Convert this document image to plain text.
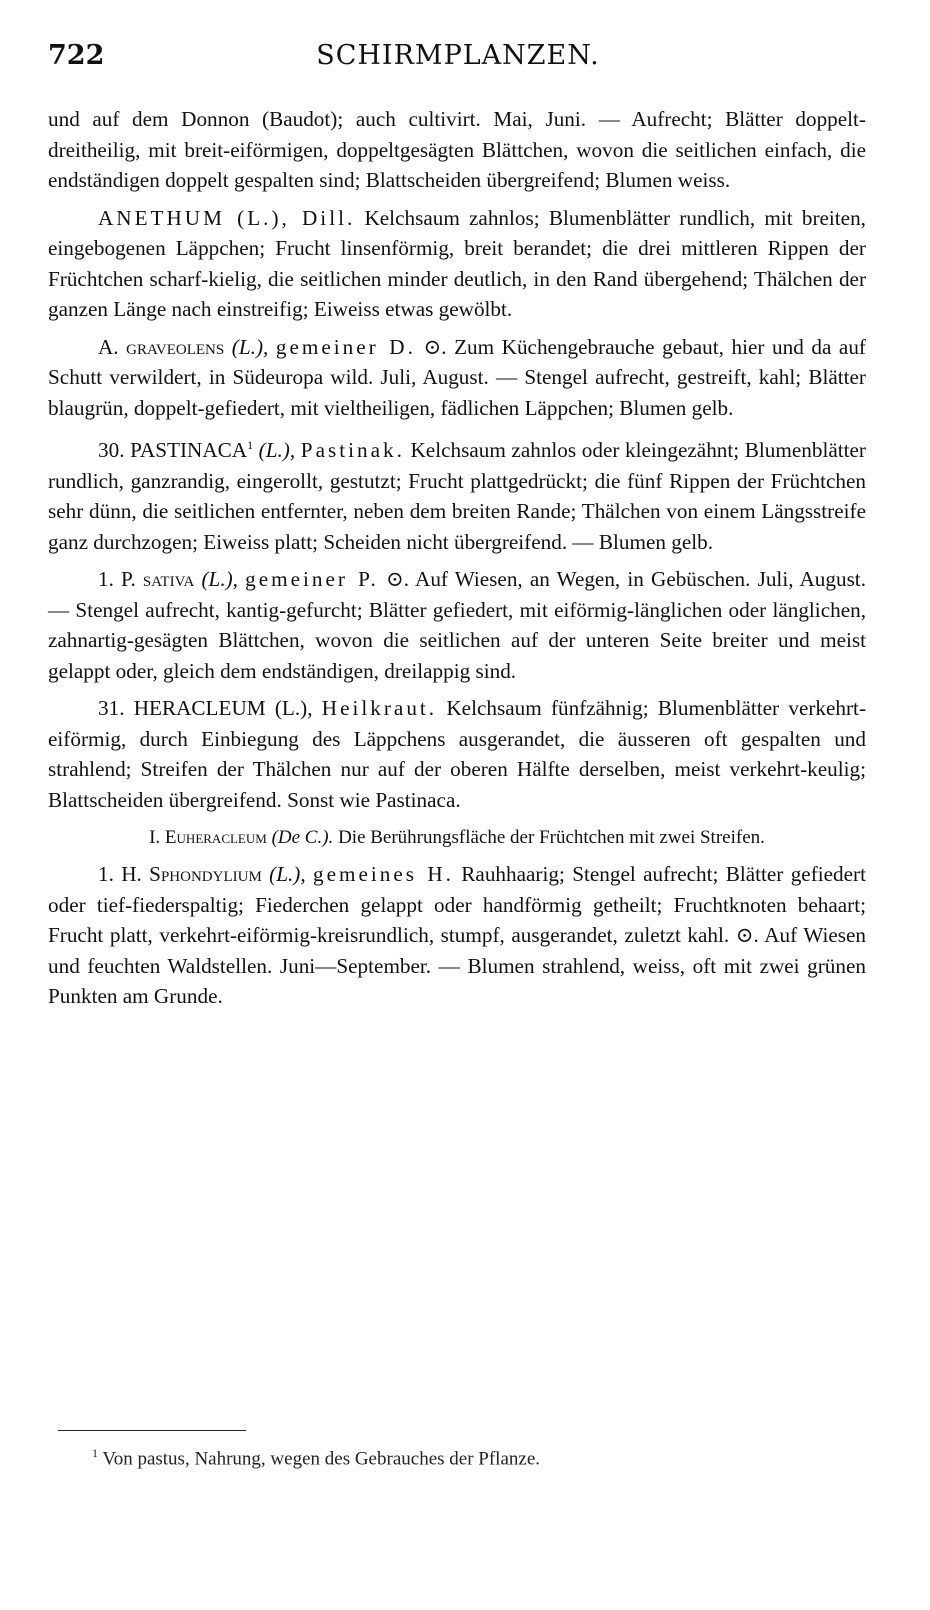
722	SCHIRMPLANZEN.

und auf dem Donnon (Baudot); auch cultivirt. Mai, Juni. — Aufrecht; Blätter doppelt-dreitheilig, mit breit-eiförmigen, doppeltgesägten Blättchen, wovon die seitlichen einfach, die endständigen doppelt gespalten sind; Blattscheiden übergreifend; Blumen weiss.

ANETHUM (L.), Dill. Kelchsaum zahnlos; Blumenblätter rundlich, mit breiten, eingebogenen Läppchen; Frucht linsenförmig, breit berandet; die drei mittleren Rippen der Früchtchen scharf-kielig, die seitlichen minder deutlich, in den Rand übergehend; Thälchen der ganzen Länge nach einstreifig; Eiweiss etwas gewölbt.

A. graveolens (L.), gemeiner D. ⊙. Zum Küchengebrauche gebaut, hier und da auf Schutt verwildert, in Südeuropa wild. Juli, August. — Stengel aufrecht, gestreift, kahl; Blätter blaugrün, doppelt-gefiedert, mit vieltheiligen, fädlichen Läppchen; Blumen gelb.

30. PASTINACA$^1$ (L.), Pastinak. Kelchsaum zahnlos oder kleingezähnt; Blumenblätter rundlich, ganzrandig, eingerollt, gestutzt; Frucht plattgedrückt; die fünf Rippen der Früchtchen sehr dünn, die seitlichen entfernter, neben dem breiten Rande; Thälchen von einem Längsstreife ganz durchzogen; Eiweiss platt; Scheiden nicht übergreifend. — Blumen gelb.

1. P. sativa (L.), gemeiner P. ⊙. Auf Wiesen, an Wegen, in Gebüschen. Juli, August. — Stengel aufrecht, kantig-gefurcht; Blätter gefiedert, mit eiförmig-länglichen oder länglichen, zahnartig-gesägten Blättchen, wovon die seitlichen auf der unteren Seite breiter und meist gelappt oder, gleich dem endständigen, dreilappig sind.

31. HERACLEUM (L.), Heilkraut. Kelchsaum fünfzähnig; Blumenblätter verkehrt-eiförmig, durch Einbiegung des Läppchens ausgerandet, die äusseren oft gespalten und strahlend; Streifen der Thälchen nur auf der oberen Hälfte derselben, meist verkehrt-keulig; Blattscheiden übergreifend. Sonst wie Pastinaca.

I. Euheracleum (De C.). Die Berührungsfläche der Früchtchen mit zwei Streifen.

1. H. Sphondylium (L.), gemeines H. Rauhhaarig; Stengel aufrecht; Blätter gefiedert oder tief-fiederspaltig; Fiederchen gelappt oder handförmig getheilt; Fruchtknoten behaart; Frucht platt, verkehrt-eiförmig-kreisrundlich, stumpf, ausgerandet, zuletzt kahl. ⊙. Auf Wiesen und feuchten Waldstellen. Juni—September. — Blumen strahlend, weiss, oft mit zwei grünen Punkten am Grunde.

$^1$ Von pastus, Nahrung, wegen des Gebrauches der Pflanze.
